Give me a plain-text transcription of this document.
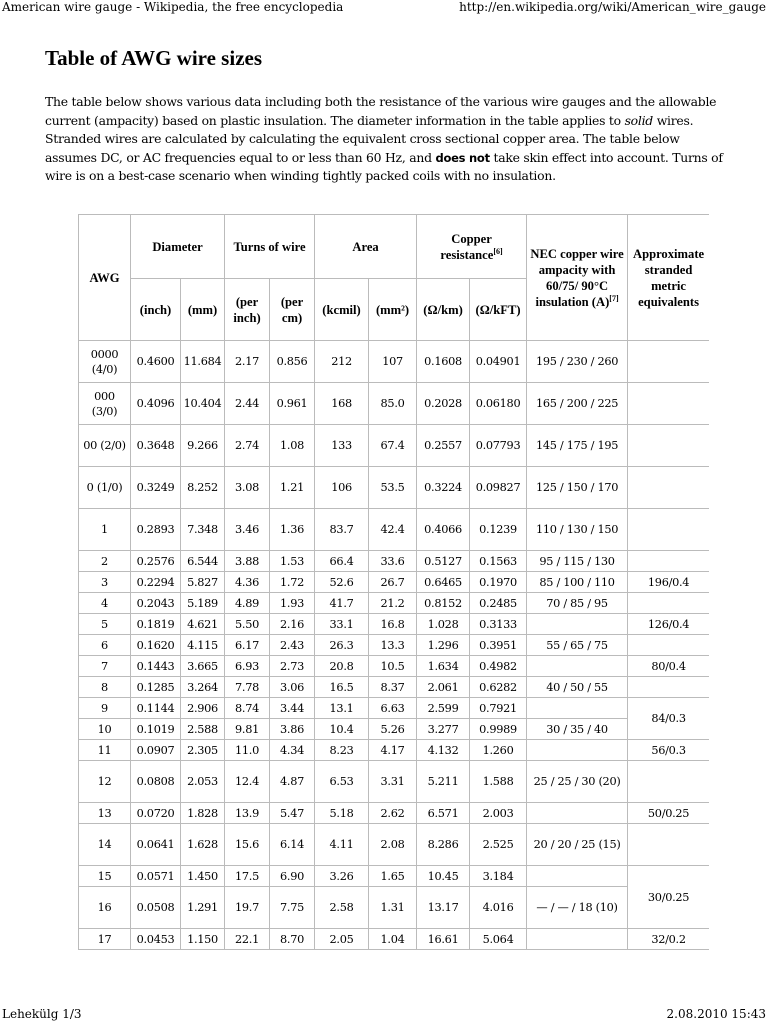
American wire gauge - Wikipedia, the free encyclopedia	http://en.wikipedia.org/wiki/American_wire_gauge
Table of AWG wire sizes

The table below shows various data including both the resistance of the various wire gauges and the allowable current (ampacity) based on plastic insulation. The diameter information in the table applies to solid wires. Stranded wires are calculated by calculating the equivalent cross sectional copper area. The table below assumes DC, or AC frequencies equal to or less than 60 Hz, and does not take skin effect into account. Turns of wire is on a best-case scenario when winding tightly packed coils with no insulation.

AWG	Diameter		Turns of wire		Area		Copper resistance[6]		NEC copper wire ampacity with 60/75/ 90°C insulation (A)[7]	Approximate stranded metric equivalents
	(inch)	(mm)	(per inch)	(per cm)	(kcmil)	(mm²)	(Ω/km)	(Ω/kFT)		
0000 (4/0)	0.4600	11.684	2.17	0.856	212	107	0.1608	0.04901	195 / 230 / 260	
000 (3/0)	0.4096	10.404	2.44	0.961	168	85.0	0.2028	0.06180	165 / 200 / 225	
00 (2/0)	0.3648	9.266	2.74	1.08	133	67.4	0.2557	0.07793	145 / 175 / 195	
0 (1/0)	0.3249	8.252	3.08	1.21	106	53.5	0.3224	0.09827	125 / 150 / 170	
1	0.2893	7.348	3.46	1.36	83.7	42.4	0.4066	0.1239	110 / 130 / 150	
2	0.2576	6.544	3.88	1.53	66.4	33.6	0.5127	0.1563	95 / 115 / 130	
3	0.2294	5.827	4.36	1.72	52.6	26.7	0.6465	0.1970	85 / 100 / 110	196/0.4
4	0.2043	5.189	4.89	1.93	41.7	21.2	0.8152	0.2485	70 / 85 / 95	
5	0.1819	4.621	5.50	2.16	33.1	16.8	1.028	0.3133		126/0.4
6	0.1620	4.115	6.17	2.43	26.3	13.3	1.296	0.3951	55 / 65 / 75	
7	0.1443	3.665	6.93	2.73	20.8	10.5	1.634	0.4982		80/0.4
8	0.1285	3.264	7.78	3.06	16.5	8.37	2.061	0.6282	40 / 50 / 55	
9	0.1144	2.906	8.74	3.44	13.1	6.63	2.599	0.7921		84/0.3
10	0.1019	2.588	9.81	3.86	10.4	5.26	3.277	0.9989	30 / 35 / 40	
11	0.0907	2.305	11.0	4.34	8.23	4.17	4.132	1.260		56/0.3
12	0.0808	2.053	12.4	4.87	6.53	3.31	5.211	1.588	25 / 25 / 30 (20)	
13	0.0720	1.828	13.9	5.47	5.18	2.62	6.571	2.003		50/0.25
14	0.0641	1.628	15.6	6.14	4.11	2.08	8.286	2.525	20 / 20 / 25 (15)	
15	0.0571	1.450	17.5	6.90	3.26	1.65	10.45	3.184		30/0.25
16	0.0508	1.291	19.7	7.75	2.58	1.31	13.17	4.016	— / — / 18 (10)	
17	0.0453	1.150	22.1	8.70	2.05	1.04	16.61	5.064		32/0.2
Lehekülg 1/3	2.08.2010 15:43
